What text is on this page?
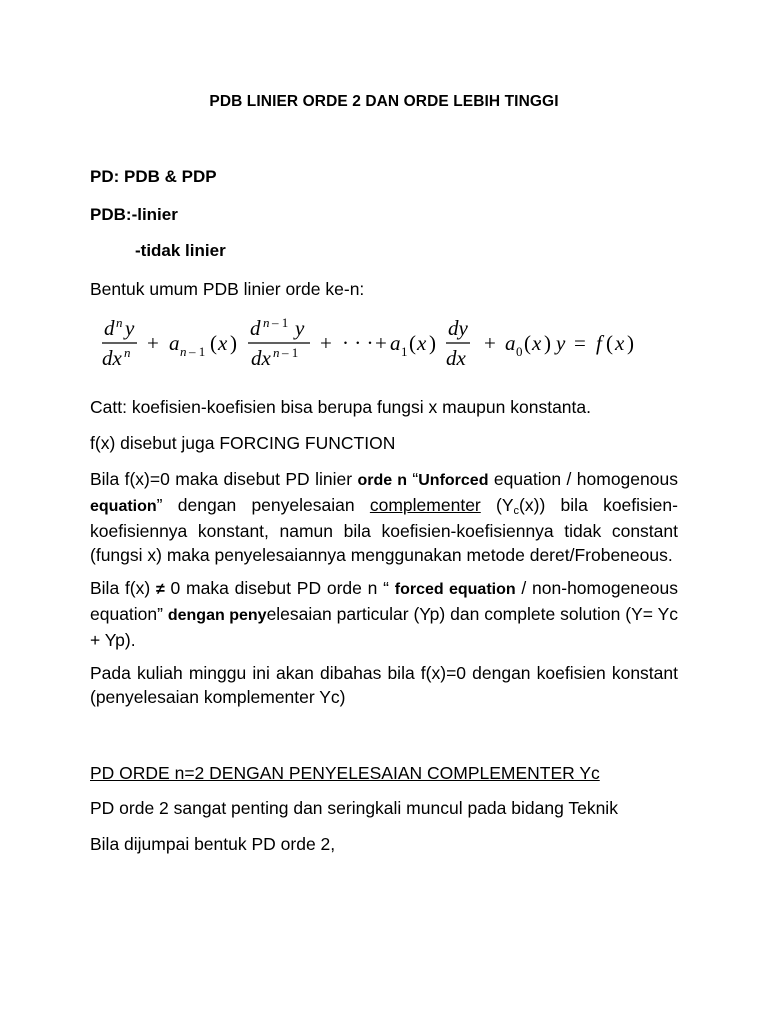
PDB LINIER ORDE 2 DAN ORDE LEBIH TINGGI

PD: PDB & PDP

PDB:-linier

-tidak linier

Bentuk umum PDB linier orde ke-n:

d n y
dx n + a n – 1 ( x )
d n – 1 y
dx n – 1 + · · · + a 1 ( x )
dy
dx
+ a 0 ( x ) y = f ( x )

Catt: koefisien-koefisien bisa berupa fungsi x maupun konstanta.

f(x) disebut juga FORCING FUNCTION

Bila f(x)=0 maka disebut PD linier orde n “Unforced equation / homogenous equation” dengan penyelesaian complementer $(Y_c(x))$ bila koefisien-koefisiennya konstant, namun bila koefisien-koefisiennya tidak constant (fungsi x) maka penyelesaiannya menggunakan metode deret/Frobeneous.

Bila f(x) ≠ 0 maka disebut PD orde n “ forced equation / non-homogeneous equation” dengan penyelesaian particular (Yp) dan complete solution (Y= Yc + Yp).

Pada kuliah minggu ini akan dibahas bila f(x)=0 dengan koefisien konstant (penyelesaian komplementer Yc)

PD ORDE n=2 DENGAN PENYELESAIAN COMPLEMENTER Yc

PD orde 2 sangat penting dan seringkali muncul pada bidang Teknik

Bila dijumpai bentuk PD orde 2,
